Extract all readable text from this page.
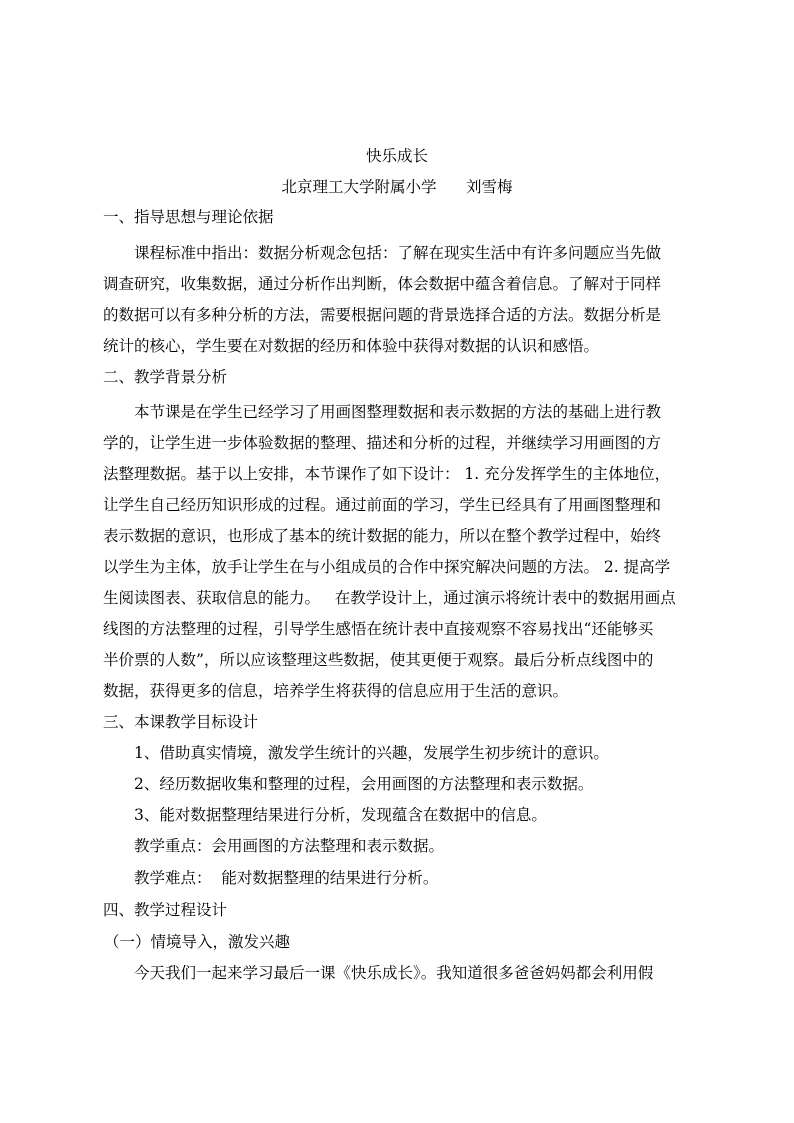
快乐成长
北京理工大学附属小学      刘雪梅
一、指导思想与理论依据
课程标准中指出：数据分析观念包括：了解在现实生活中有许多问题应当先做
调查研究，收集数据，通过分析作出判断，体会数据中蕴含着信息。了解对于同样
的数据可以有多种分析的方法，需要根据问题的背景选择合适的方法。数据分析是
统计的核心，学生要在对数据的经历和体验中获得对数据的认识和感悟。
二、教学背景分析
本节课是在学生已经学习了用画图整理数据和表示数据的方法的基础上进行教
学的，让学生进一步体验数据的整理、描述和分析的过程，并继续学习用画图的方
法整理数据。基于以上安排，本节课作了如下设计： 1. 充分发挥学生的主体地位，
让学生自己经历知识形成的过程。通过前面的学习，学生已经具有了用画图整理和
表示数据的意识，也形成了基本的统计数据的能力，所以在整个教学过程中，始终
以学生为主体，放手让学生在与小组成员的合作中探究解决问题的方法。 2. 提高学
生阅读图表、获取信息的能力。   在教学设计上，通过演示将统计表中的数据用画点
线图的方法整理的过程，引导学生感悟在统计表中直接观察不容易找出“还能够买
半价票的人数”，所以应该整理这些数据，使其更便于观察。最后分析点线图中的
数据，获得更多的信息，培养学生将获得的信息应用于生活的意识。
三、本课教学目标设计
1、借助真实情境，激发学生统计的兴趣，发展学生初步统计的意识。
2、经历数据收集和整理的过程，会用画图的方法整理和表示数据。
3、能对数据整理结果进行分析，发现蕴含在数据中的信息。
教学重点：会用画图的方法整理和表示数据。
教学难点：  能对数据整理的结果进行分析。
四、教学过程设计
（一）情境导入，激发兴趣
今天我们一起来学习最后一课《快乐成长》。我知道很多爸爸妈妈都会利用假
